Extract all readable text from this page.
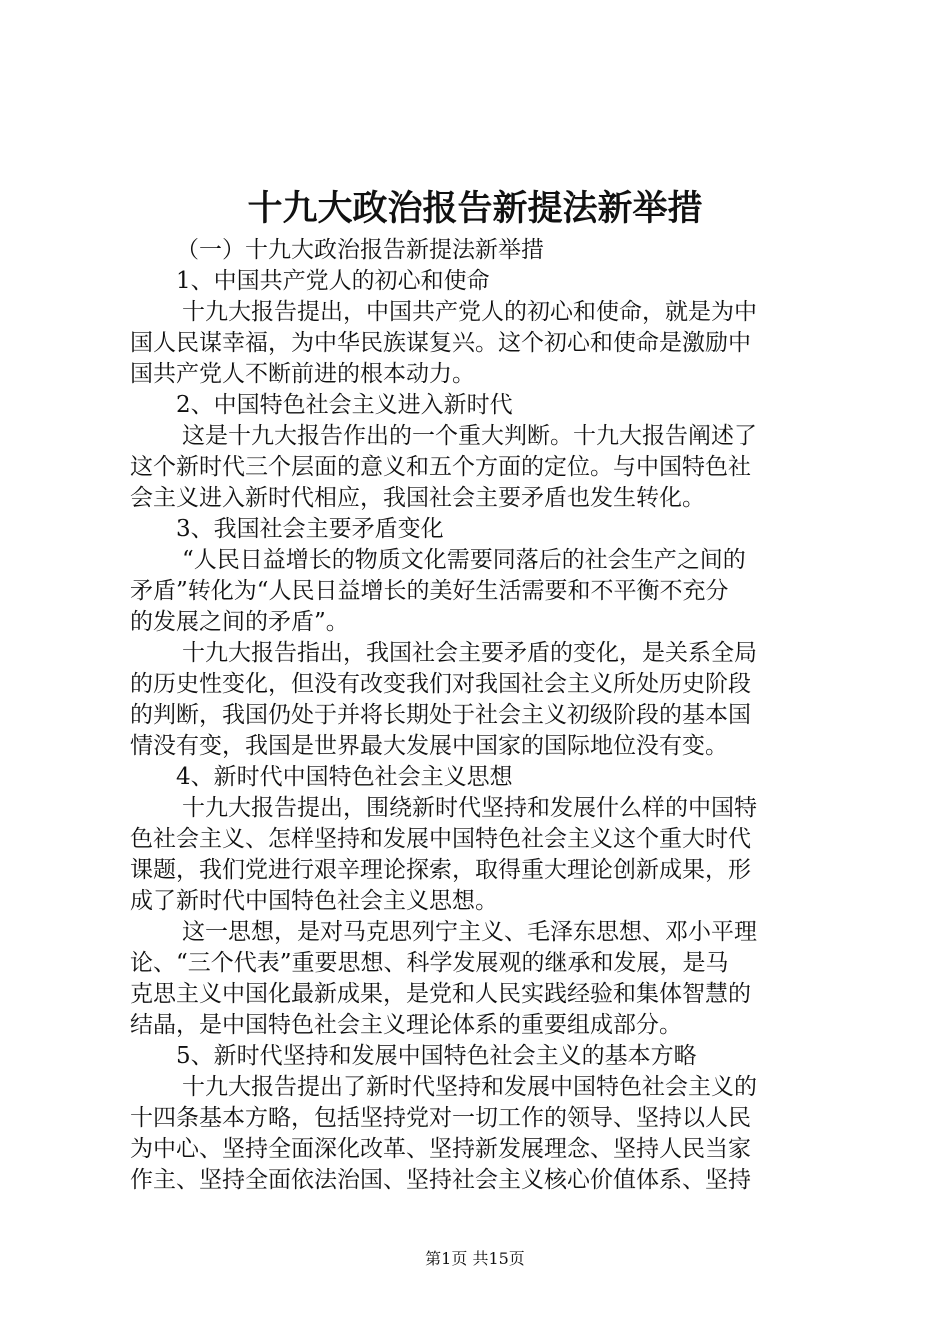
十九大政治报告新提法新举措

（一）十九大政治报告新提法新举措

1、中国共产党人的初心和使命

十九大报告提出，中国共产党人的初心和使命，就是为中

国人民谋幸福，为中华民族谋复兴。这个初心和使命是激励中

国共产党人不断前进的根本动力。

2、中国特色社会主义进入新时代

这是十九大报告作出的一个重大判断。十九大报告阐述了

这个新时代三个层面的意义和五个方面的定位。与中国特色社

会主义进入新时代相应，我国社会主要矛盾也发生转化。

3、我国社会主要矛盾变化

“人民日益增长的物质文化需要同落后的社会生产之间的

矛盾”转化为“人民日益增长的美好生活需要和不平衡不充分

的发展之间的矛盾”。

十九大报告指出，我国社会主要矛盾的变化，是关系全局

的历史性变化，但没有改变我们对我国社会主义所处历史阶段

的判断，我国仍处于并将长期处于社会主义初级阶段的基本国

情没有变，我国是世界最大发展中国家的国际地位没有变。

4、新时代中国特色社会主义思想

十九大报告提出，围绕新时代坚持和发展什么样的中国特

色社会主义、怎样坚持和发展中国特色社会主义这个重大时代

课题，我们党进行艰辛理论探索，取得重大理论创新成果，形

成了新时代中国特色社会主义思想。

这一思想，是对马克思列宁主义、毛泽东思想、邓小平理

论、“三个代表”重要思想、科学发展观的继承和发展，是马

克思主义中国化最新成果，是党和人民实践经验和集体智慧的

结晶，是中国特色社会主义理论体系的重要组成部分。

5、新时代坚持和发展中国特色社会主义的基本方略

十九大报告提出了新时代坚持和发展中国特色社会主义的

十四条基本方略，包括坚持党对一切工作的领导、坚持以人民

为中心、坚持全面深化改革、坚持新发展理念、坚持人民当家

作主、坚持全面依法治国、坚持社会主义核心价值体系、坚持

第1页 共15页
